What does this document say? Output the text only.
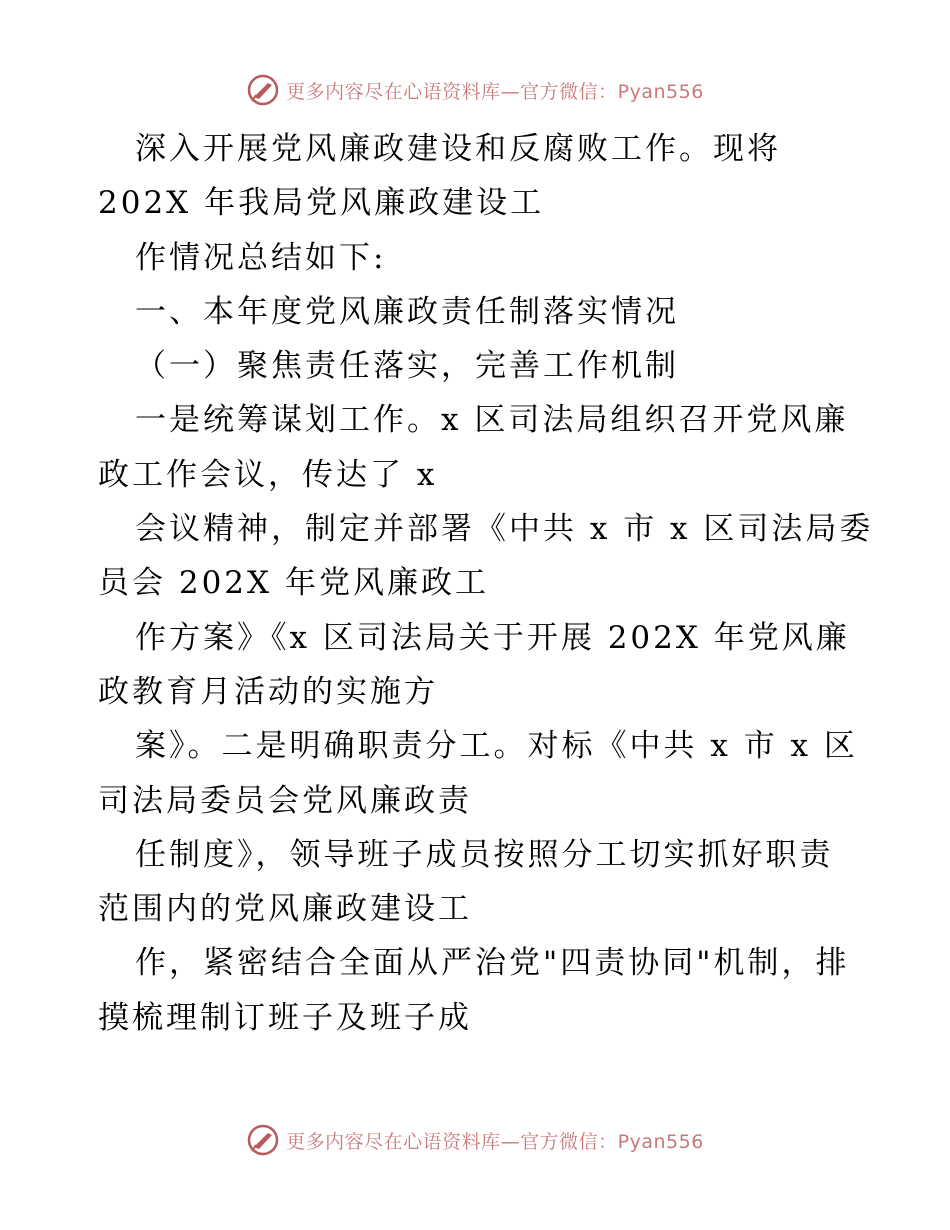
更多内容尽在心语资料库—官方微信：Pyan556
深入开展党风廉政建设和反腐败工作。现将
202X 年我局党风廉政建设工
作情况总结如下:
一、本年度党风廉政责任制落实情况
（一）聚焦责任落实，完善工作机制
一是统筹谋划工作。x 区司法局组织召开党风廉
政工作会议，传达了 x
会议精神，制定并部署《中共 x 市 x 区司法局委
员会 202X 年党风廉政工
作方案》《x 区司法局关于开展 202X 年党风廉
政教育月活动的实施方
案》。二是明确职责分工。对标《中共 x 市 x 区
司法局委员会党风廉政责
任制度》，领导班子成员按照分工切实抓好职责
范围内的党风廉政建设工
作，紧密结合全面从严治党"四责协同"机制，排
摸梳理制订班子及班子成
更多内容尽在心语资料库—官方微信：Pyan556
